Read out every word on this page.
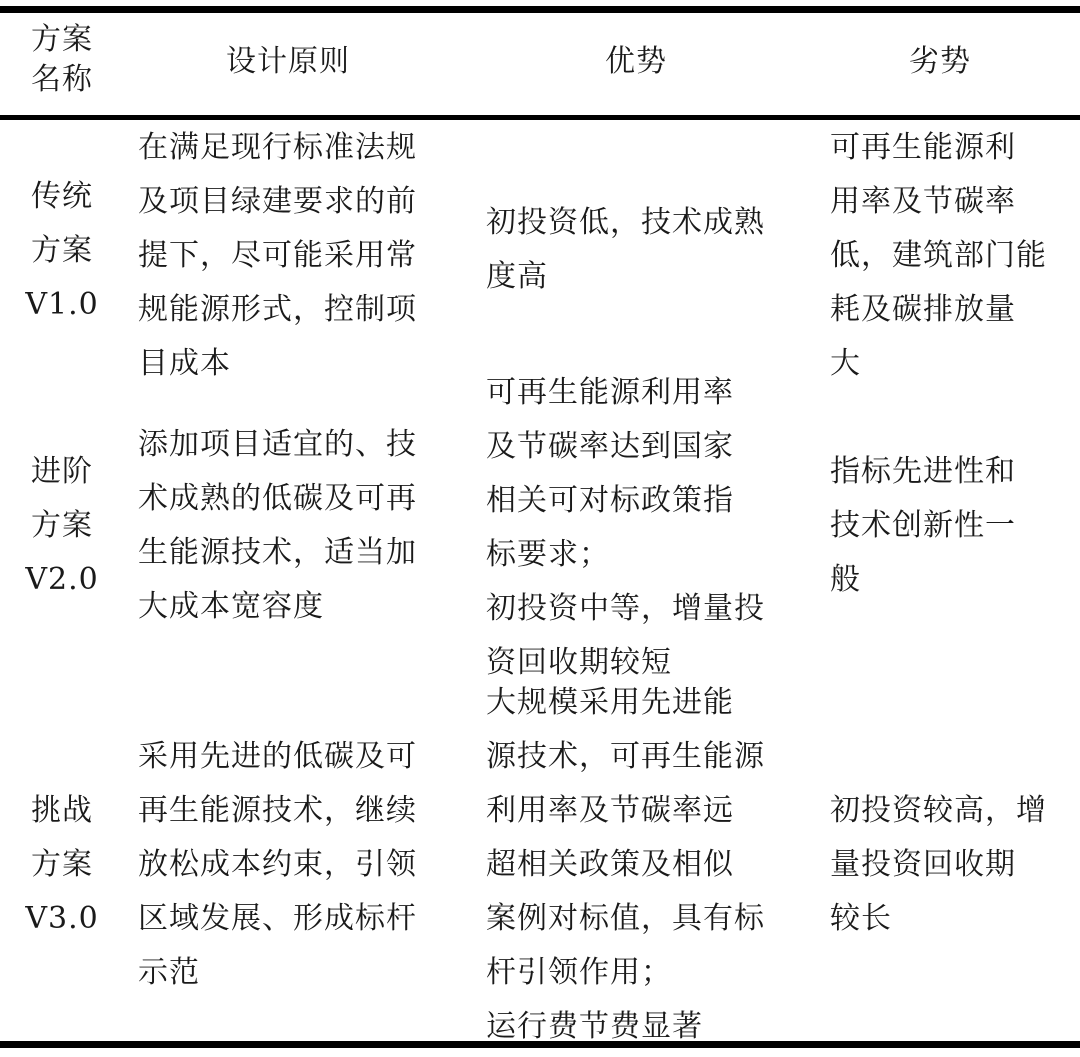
方案
名称
设计原则	优势	劣势
传统
方案
V1.0
在满足现行标准法规
及项目绿建要求的前
提下，尽可能采用常
规能源形式，控制项
目成本
初投资低，技术成熟
度高
可再生能源利
用率及节碳率
低，建筑部门能
耗及碳排放量
大
进阶
方案
V2.0
添加项目适宜的、技
术成熟的低碳及可再
生能源技术，适当加
大成本宽容度
可再生能源利用率
及节碳率达到国家
相关可对标政策指
标要求；
初投资中等，增量投
资回收期较短
指标先进性和
技术创新性一
般
挑战
方案
V3.0
采用先进的低碳及可
再生能源技术，继续
放松成本约束，引领
区域发展、形成标杆
示范
大规模采用先进能
源技术，可再生能源
利用率及节碳率远
超相关政策及相似
案例对标值，具有标
杆引领作用；
运行费节费显著
初投资较高，增
量投资回收期
较长
